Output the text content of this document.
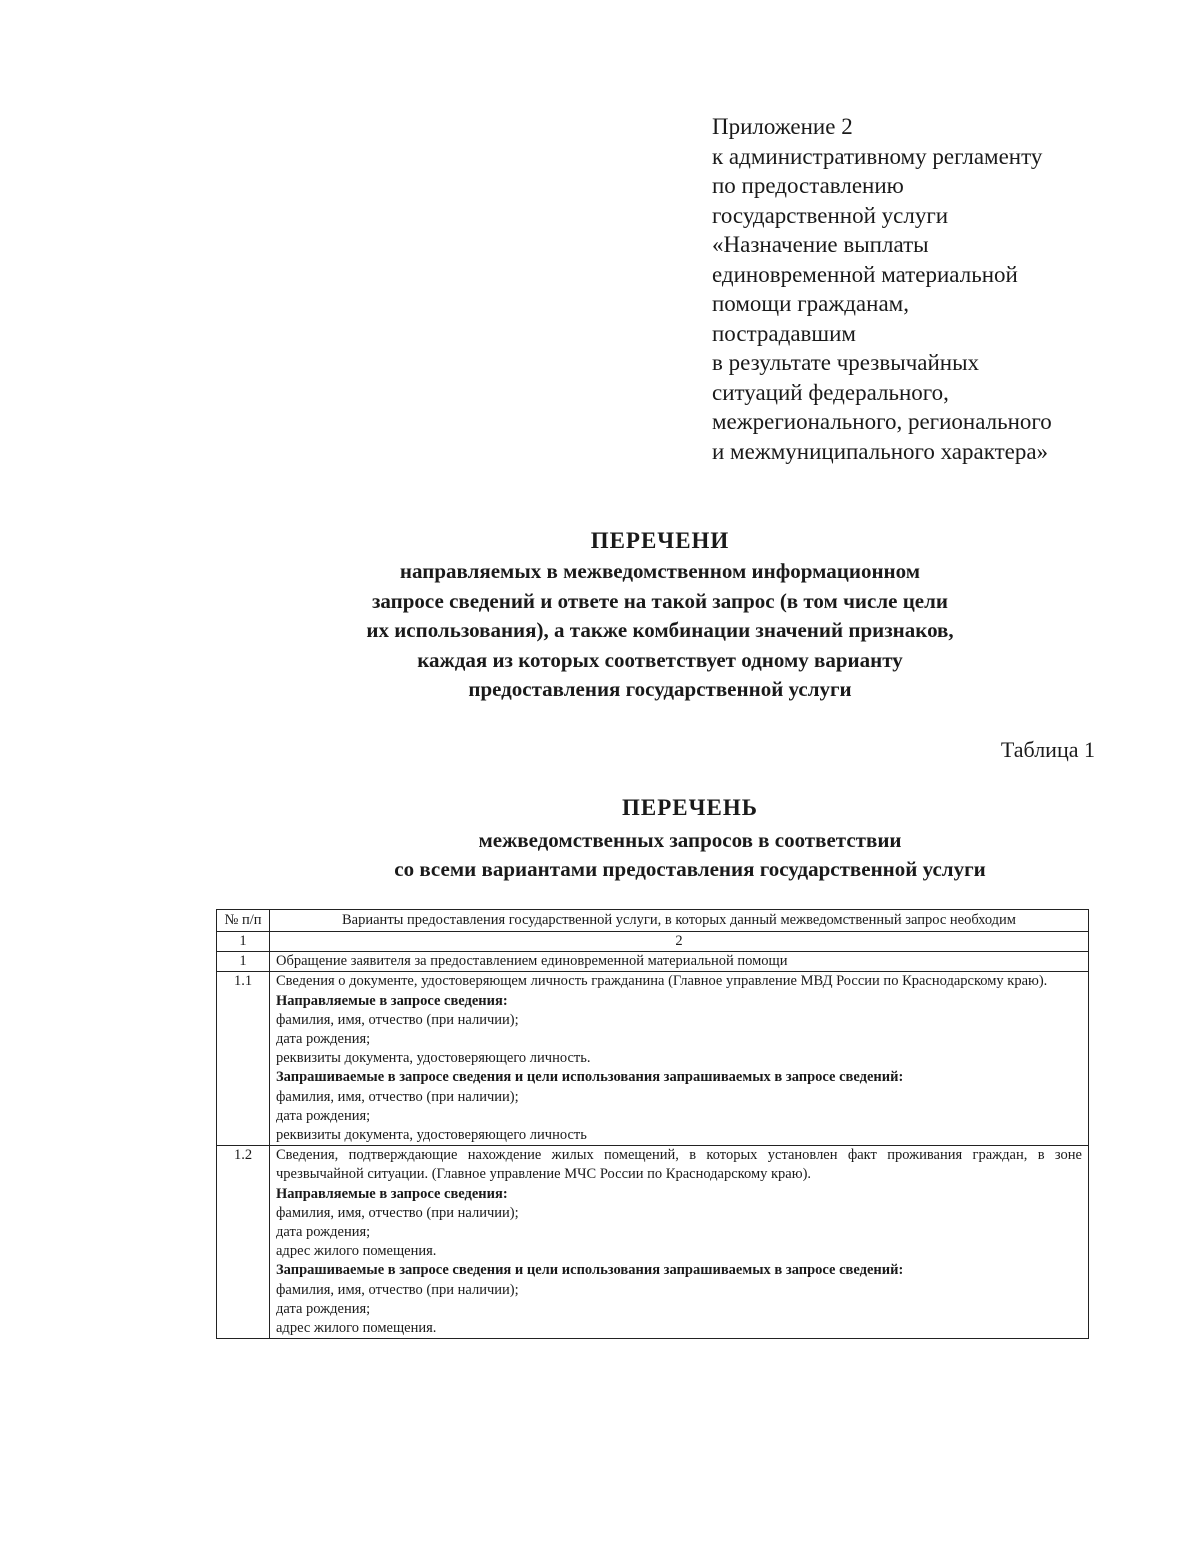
Приложение 2
к административному регламенту
по предоставлению
государственной услуги
«Назначение выплаты
единовременной материальной
помощи гражданам,
пострадавшим
в результате чрезвычайных
ситуаций федерального,
межрегионального, регионального
и межмуниципального характера»
ПЕРЕЧЕНИ
направляемых в межведомственном информационном
запросе сведений и ответе на такой запрос (в том числе цели
их использования), а также комбинации значений признаков,
каждая из которых соответствует одному варианту
предоставления государственной услуги
Таблица 1
ПЕРЕЧЕНЬ
межведомственных запросов в соответствии
со всеми вариантами предоставления государственной услуги
№ п/п	Варианты предоставления государственной услуги, в которых данный межведомственный запрос необходим
1	2
1	Обращение заявителя за предоставлением единовременной материальной помощи
1.1	Сведения о документе, удостоверяющем личность гражданина (Главное управление МВД России по Краснодарскому краю).
Направляемые в запросе сведения:
фамилия, имя, отчество (при наличии);
дата рождения;
реквизиты документа, удостоверяющего личность.
Запрашиваемые в запросе сведения и цели использования запрашиваемых в запросе сведений:
фамилия, имя, отчество (при наличии);
дата рождения;
реквизиты документа, удостоверяющего личность
1.2	Сведения, подтверждающие нахождение жилых помещений, в которых установлен факт проживания граждан, в зоне чрезвычайной ситуации. (Главное управление МЧС России по Краснодарскому краю).
Направляемые в запросе сведения:
фамилия, имя, отчество (при наличии);
дата рождения;
адрес жилого помещения.
Запрашиваемые в запросе сведения и цели использования запрашиваемых в запросе сведений:
фамилия, имя, отчество (при наличии);
дата рождения;
адрес жилого помещения.
